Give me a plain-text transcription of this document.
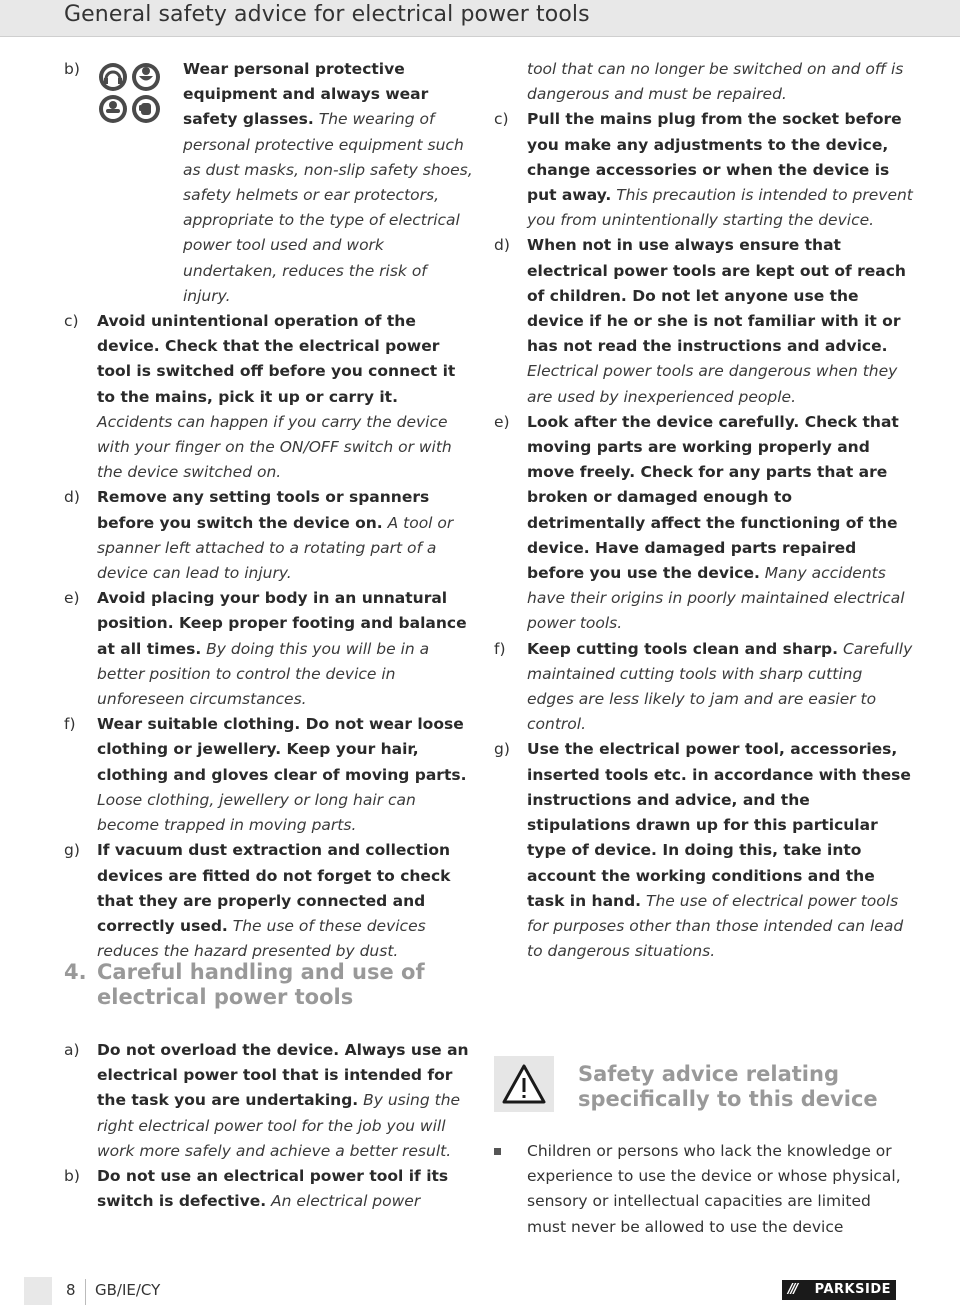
General safety advice for electrical power tools
b)	Wear personal protective equipment and always wear safety glasses. The wearing of personal protective equipment such as dust masks, non-slip safety shoes, safety helmets or ear protectors, appropriate to the type of electrical power tool used and work undertaken, reduces the risk of injury.
c) Avoid unintentional operation of the device. Check that the electrical power tool is switched off before you connect it to the mains, pick it up or carry it. Accidents can happen if you carry the device with your finger on the ON/OFF switch or with the device switched on.
d) Remove any setting tools or spanners before you switch the device on. A tool or spanner left attached to a rotating part of a device can lead to injury.
e) Avoid placing your body in an unnatural position. Keep proper footing and balance at all times. By doing this you will be in a better position to control the device in unforeseen circumstances.
f) Wear suitable clothing. Do not wear loose clothing or jewellery. Keep your hair, clothing and gloves clear of moving parts. Loose clothing, jewellery or long hair can become trapped in moving parts.
g) If vacuum dust extraction and collection devices are fitted do not forget to check that they are properly connected and correctly used. The use of these devices reduces the hazard presented by dust.
4. Careful handling and use of electrical power tools
a) Do not overload the device. Always use an electrical power tool that is intended for the task you are undertaking. By using the right electrical power tool for the job you will work more safely and achieve a better result.
b) Do not use an electrical power tool if its switch is defective. An electrical power
tool that can no longer be switched on and off is dangerous and must be repaired.
c) Pull the mains plug from the socket before you make any adjustments to the device, change accessories or when the device is put away. This precaution is intended to prevent you from unintentionally starting the device.
d) When not in use always ensure that electrical power tools are kept out of reach of children. Do not let anyone use the device if he or she is not familiar with it or has not read the instructions and advice. Electrical power tools are dangerous when they are used by inexperienced people.
e) Look after the device carefully. Check that moving parts are working properly and move freely. Check for any parts that are broken or damaged enough to detrimentally affect the functioning of the device. Have damaged parts repaired before you use the device. Many accidents have their origins in poorly maintained electrical power tools.
f) Keep cutting tools clean and sharp. Carefully maintained cutting tools with sharp cutting edges are less likely to jam and are easier to control.
g) Use the electrical power tool, accessories, inserted tools etc. in accordance with these instructions and advice, and the stipulations drawn up for this particular type of device. In doing this, take into account the working conditions and the task in hand. The use of electrical power tools for purposes other than those intended can lead to dangerous situations.
Safety advice relating specifically to this device
Children or persons who lack the knowledge or experience to use the device or whose physical, sensory or intellectual capacities are limited must never be allowed to use the device
8 GB/IE/CY	/// PARKSIDE
